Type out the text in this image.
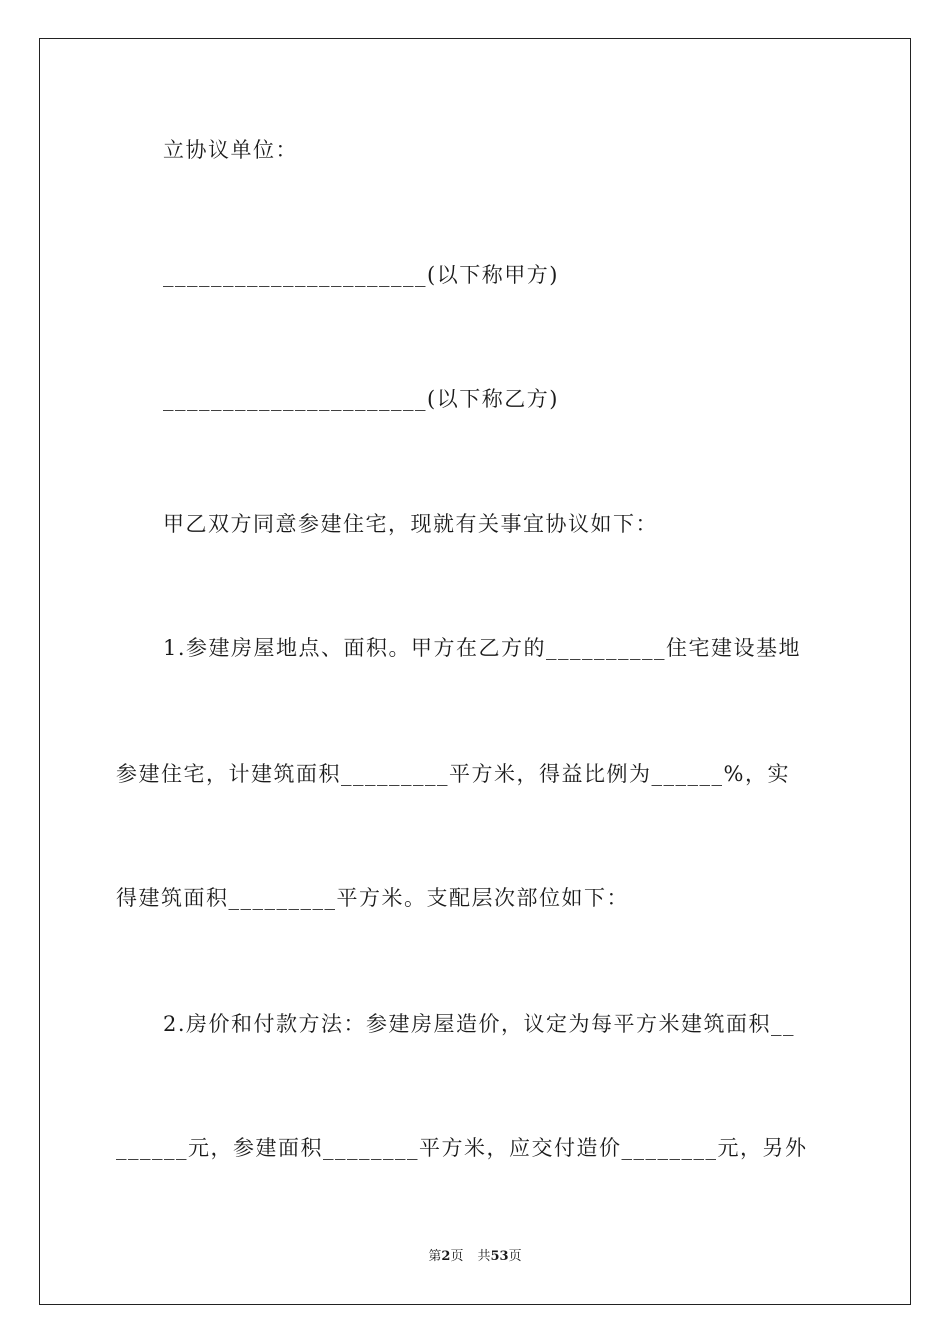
立协议单位：
______________________(以下称甲方)
______________________(以下称乙方)
甲乙双方同意参建住宅，现就有关事宜协议如下：
1.参建房屋地点、面积。甲方在乙方的__________住宅建设基地
参建住宅，计建筑面积_________平方米，得益比例为______%，实
得建筑面积_________平方米。支配层次部位如下：
2.房价和付款方法：参建房屋造价，议定为每平方米建筑面积__
______元，参建面积________平方米，应交付造价________元，另外
第2页 共53页
